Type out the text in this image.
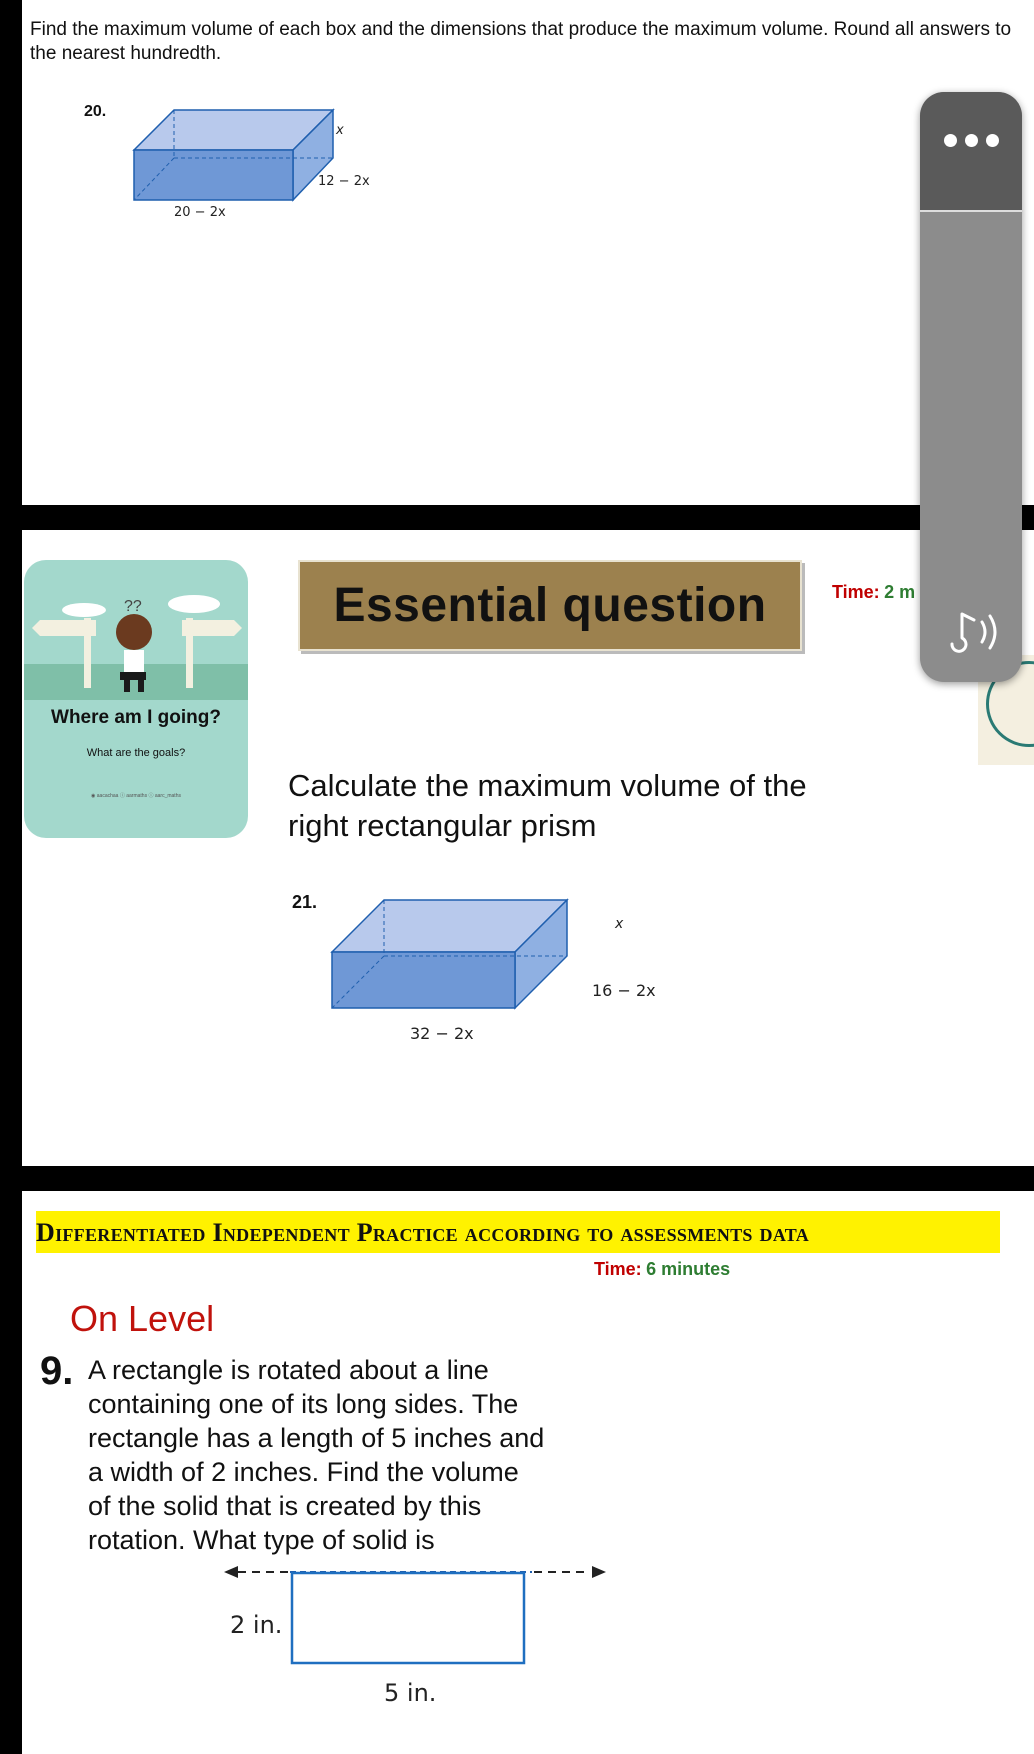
Find the maximum volume of each box and the dimensions that produce the maximum volume. Round all answers to the nearest hundredth.
20.
x
12 − 2x
20 − 2x
??
Where am I going?
What are the goals?
◉ aacachaa ⓘ aarmaths ⓘ aarc_maths
Essential question	Time: 2 m
Calculate the maximum volume of the right rectangular prism
21.
x
16 − 2x
32 − 2x
Differentiated Independent Practice according to assessments data
Time: 6 minutes
On Level
9. A rectangle is rotated about a line containing one of its long sides. The rectangle has a length of 5 inches and a width of 2 inches. Find the volume of the solid that is created by this rotation. What type of solid is
2 in.
5 in.
